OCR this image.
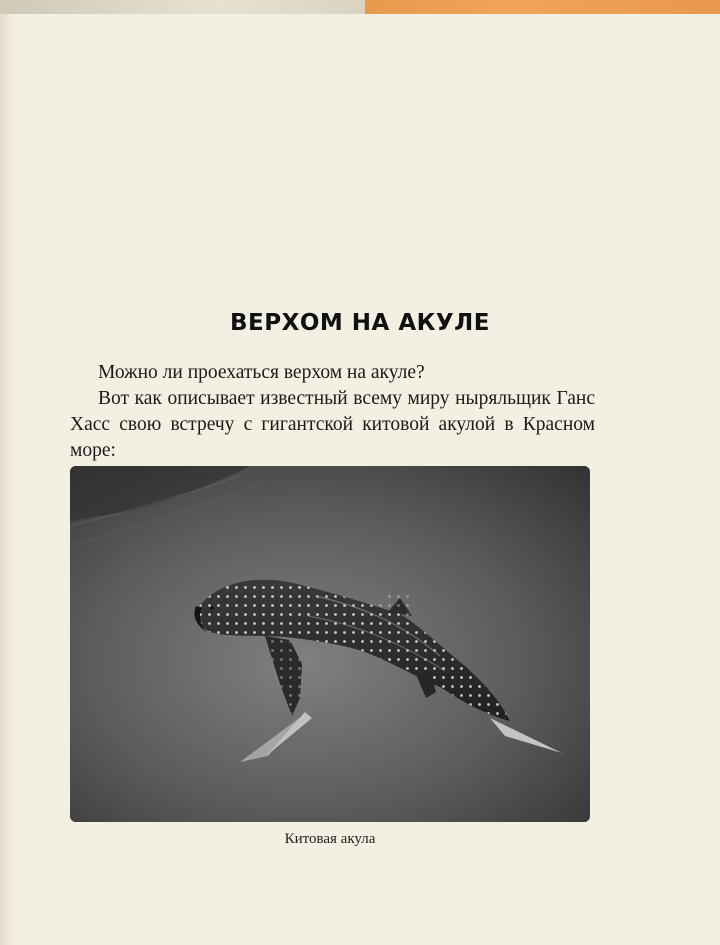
ВЕРХОМ НА АКУЛЕ

Можно ли проехаться верхом на акуле?

Вот как описывает известный всему миру ныряльщик Ганс Хасс свою встречу с гигантской китовой акулой в Красном море:

Китовая акула
